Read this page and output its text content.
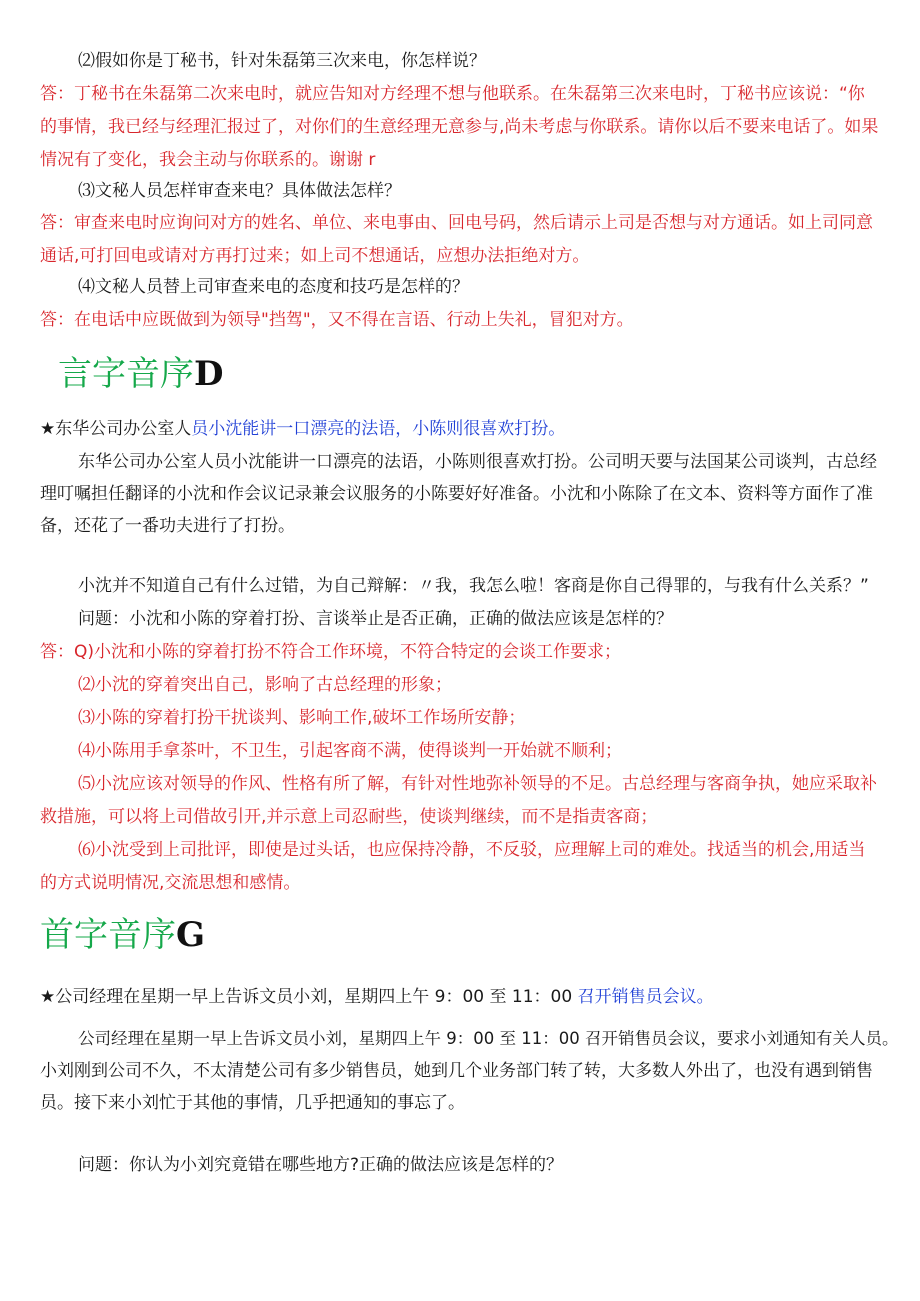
⑵假如你是丁秘书，针对朱磊第三次来电，你怎样说？
答：丁秘书在朱磊第二次来电时，就应告知对方经理不想与他联系。在朱磊第三次来电时，丁秘书应该说：“你
的事情，我已经与经理汇报过了，对你们的生意经理无意参与,尚未考虑与你联系。请你以后不要来电话了。如果
情况有了变化，我会主动与你联系的。谢谢 r
⑶文秘人员怎样审查来电？具体做法怎样？
答：审查来电时应询问对方的姓名、单位、来电事由、回电号码，然后请示上司是否想与对方通话。如上司同意
通话,可打回电或请对方再打过来；如上司不想通话，应想办法拒绝对方。
⑷文秘人员替上司审查来电的态度和技巧是怎样的？
答：在电话中应既做到为领导"挡驾"，又不得在言语、行动上失礼，冒犯对方。
言字音序D
★东华公司办公室人员小沈能讲一口漂亮的法语，小陈则很喜欢打扮。
东华公司办公室人员小沈能讲一口漂亮的法语，小陈则很喜欢打扮。公司明天要与法国某公司谈判，古总经
理叮嘱担任翻译的小沈和作会议记录兼会议服务的小陈要好好准备。小沈和小陈除了在文本、资料等方面作了准
备，还花了一番功夫进行了打扮。
小沈并不知道自己有什么过错，为自己辩解：〃我，我怎么啦！客商是你自己得罪的，与我有什么关系？”
问题：小沈和小陈的穿着打扮、言谈举止是否正确，正确的做法应该是怎样的？
答：Q)小沈和小陈的穿着打扮不符合工作环境，不符合特定的会谈工作要求；
⑵小沈的穿着突出自己，影响了古总经理的形象；
⑶小陈的穿着打扮干扰谈判、影响工作,破坏工作场所安静；
⑷小陈用手拿茶叶，不卫生，引起客商不满，使得谈判一开始就不顺利；
⑸小沈应该对领导的作风、性格有所了解，有针对性地弥补领导的不足。古总经理与客商争执，她应采取补
救措施，可以将上司借故引开,并示意上司忍耐些，使谈判继续，而不是指责客商；
⑹小沈受到上司批评，即使是过头话，也应保持冷静，不反驳，应理解上司的难处。找适当的机会,用适当
的方式说明情况,交流思想和感情。
首字音序G
★公司经理在星期一早上告诉文员小刘，星期四上午 9：00 至 11：00 召开销售员会议。
公司经理在星期一早上告诉文员小刘，星期四上午 9：00 至 11：00 召开销售员会议，要求小刘通知有关人员。
小刘刚到公司不久，不太清楚公司有多少销售员，她到几个业务部门转了转，大多数人外出了，也没有遇到销售
员。接下来小刘忙于其他的事情，几乎把通知的事忘了。
问题：你认为小刘究竟错在哪些地方?正确的做法应该是怎样的？
